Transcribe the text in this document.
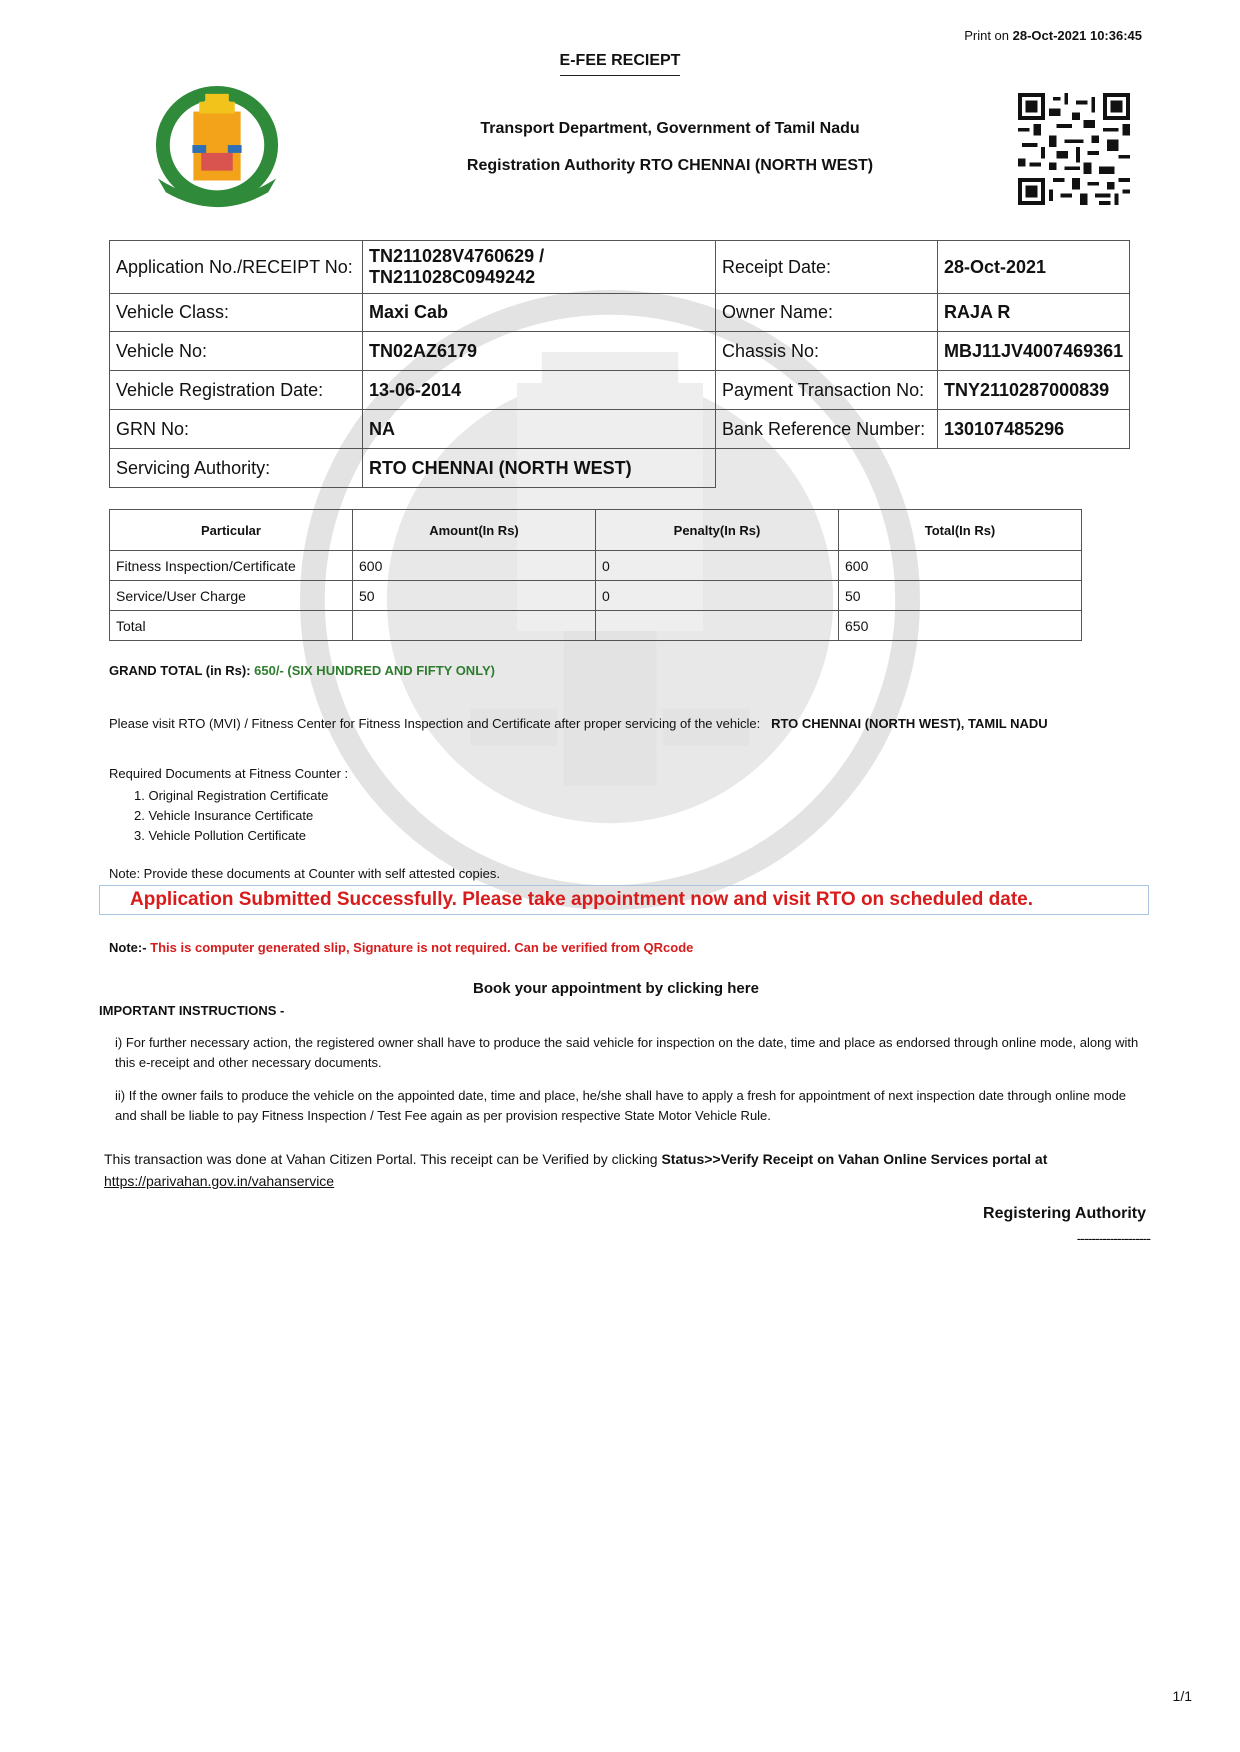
Print on 28-Oct-2021 10:36:45
E-FEE RECIEPT
Transport Department, Government of Tamil Nadu
Registration Authority RTO CHENNAI (NORTH WEST)
Application No./RECEIPT No:	TN211028V4760629 / TN211028C0949242	Receipt Date:	28-Oct-2021
Vehicle Class:	Maxi Cab	Owner Name:	RAJA R
Vehicle No:	TN02AZ6179	Chassis No:	MBJ11JV4007469361
Vehicle Registration Date:	13-06-2014	Payment Transaction No:	TNY2110287000839
GRN No:	NA	Bank Reference Number:	130107485296
Servicing Authority:	RTO CHENNAI (NORTH WEST)		
Particular	Amount(In Rs)	Penalty(In Rs)	Total(In Rs)
Fitness Inspection/Certificate	600	0	600
Service/User Charge	50	0	50
Total			650
GRAND TOTAL (in Rs): 650/- (SIX HUNDRED AND FIFTY ONLY)
Please visit RTO (MVI) / Fitness Center for Fitness Inspection and Certificate after proper servicing of the vehicle: RTO CHENNAI (NORTH WEST), TAMIL NADU
Required Documents at Fitness Counter :
1. Original Registration Certificate
2. Vehicle Insurance Certificate
3. Vehicle Pollution Certificate
Note: Provide these documents at Counter with self attested copies.
Application Submitted Successfully. Please take appointment now and visit RTO on scheduled date.
Note:- This is computer generated slip, Signature is not required. Can be verified from QRcode
Book your appointment by clicking here
IMPORTANT INSTRUCTIONS -
i) For further necessary action, the registered owner shall have to produce the said vehicle for inspection on the date, time and place as endorsed through online mode, along with this e-receipt and other necessary documents.
ii) If the owner fails to produce the vehicle on the appointed date, time and place, he/she shall have to apply a fresh for appointment of next inspection date through online mode and shall be liable to pay Fitness Inspection / Test Fee again as per provision respective State Motor Vehicle Rule.
This transaction was done at Vahan Citizen Portal. This receipt can be Verified by clicking Status>>Verify Receipt on Vahan Online Services portal at
https://parivahan.gov.in/vahanservice
Registering Authority
--------------------
1/1
